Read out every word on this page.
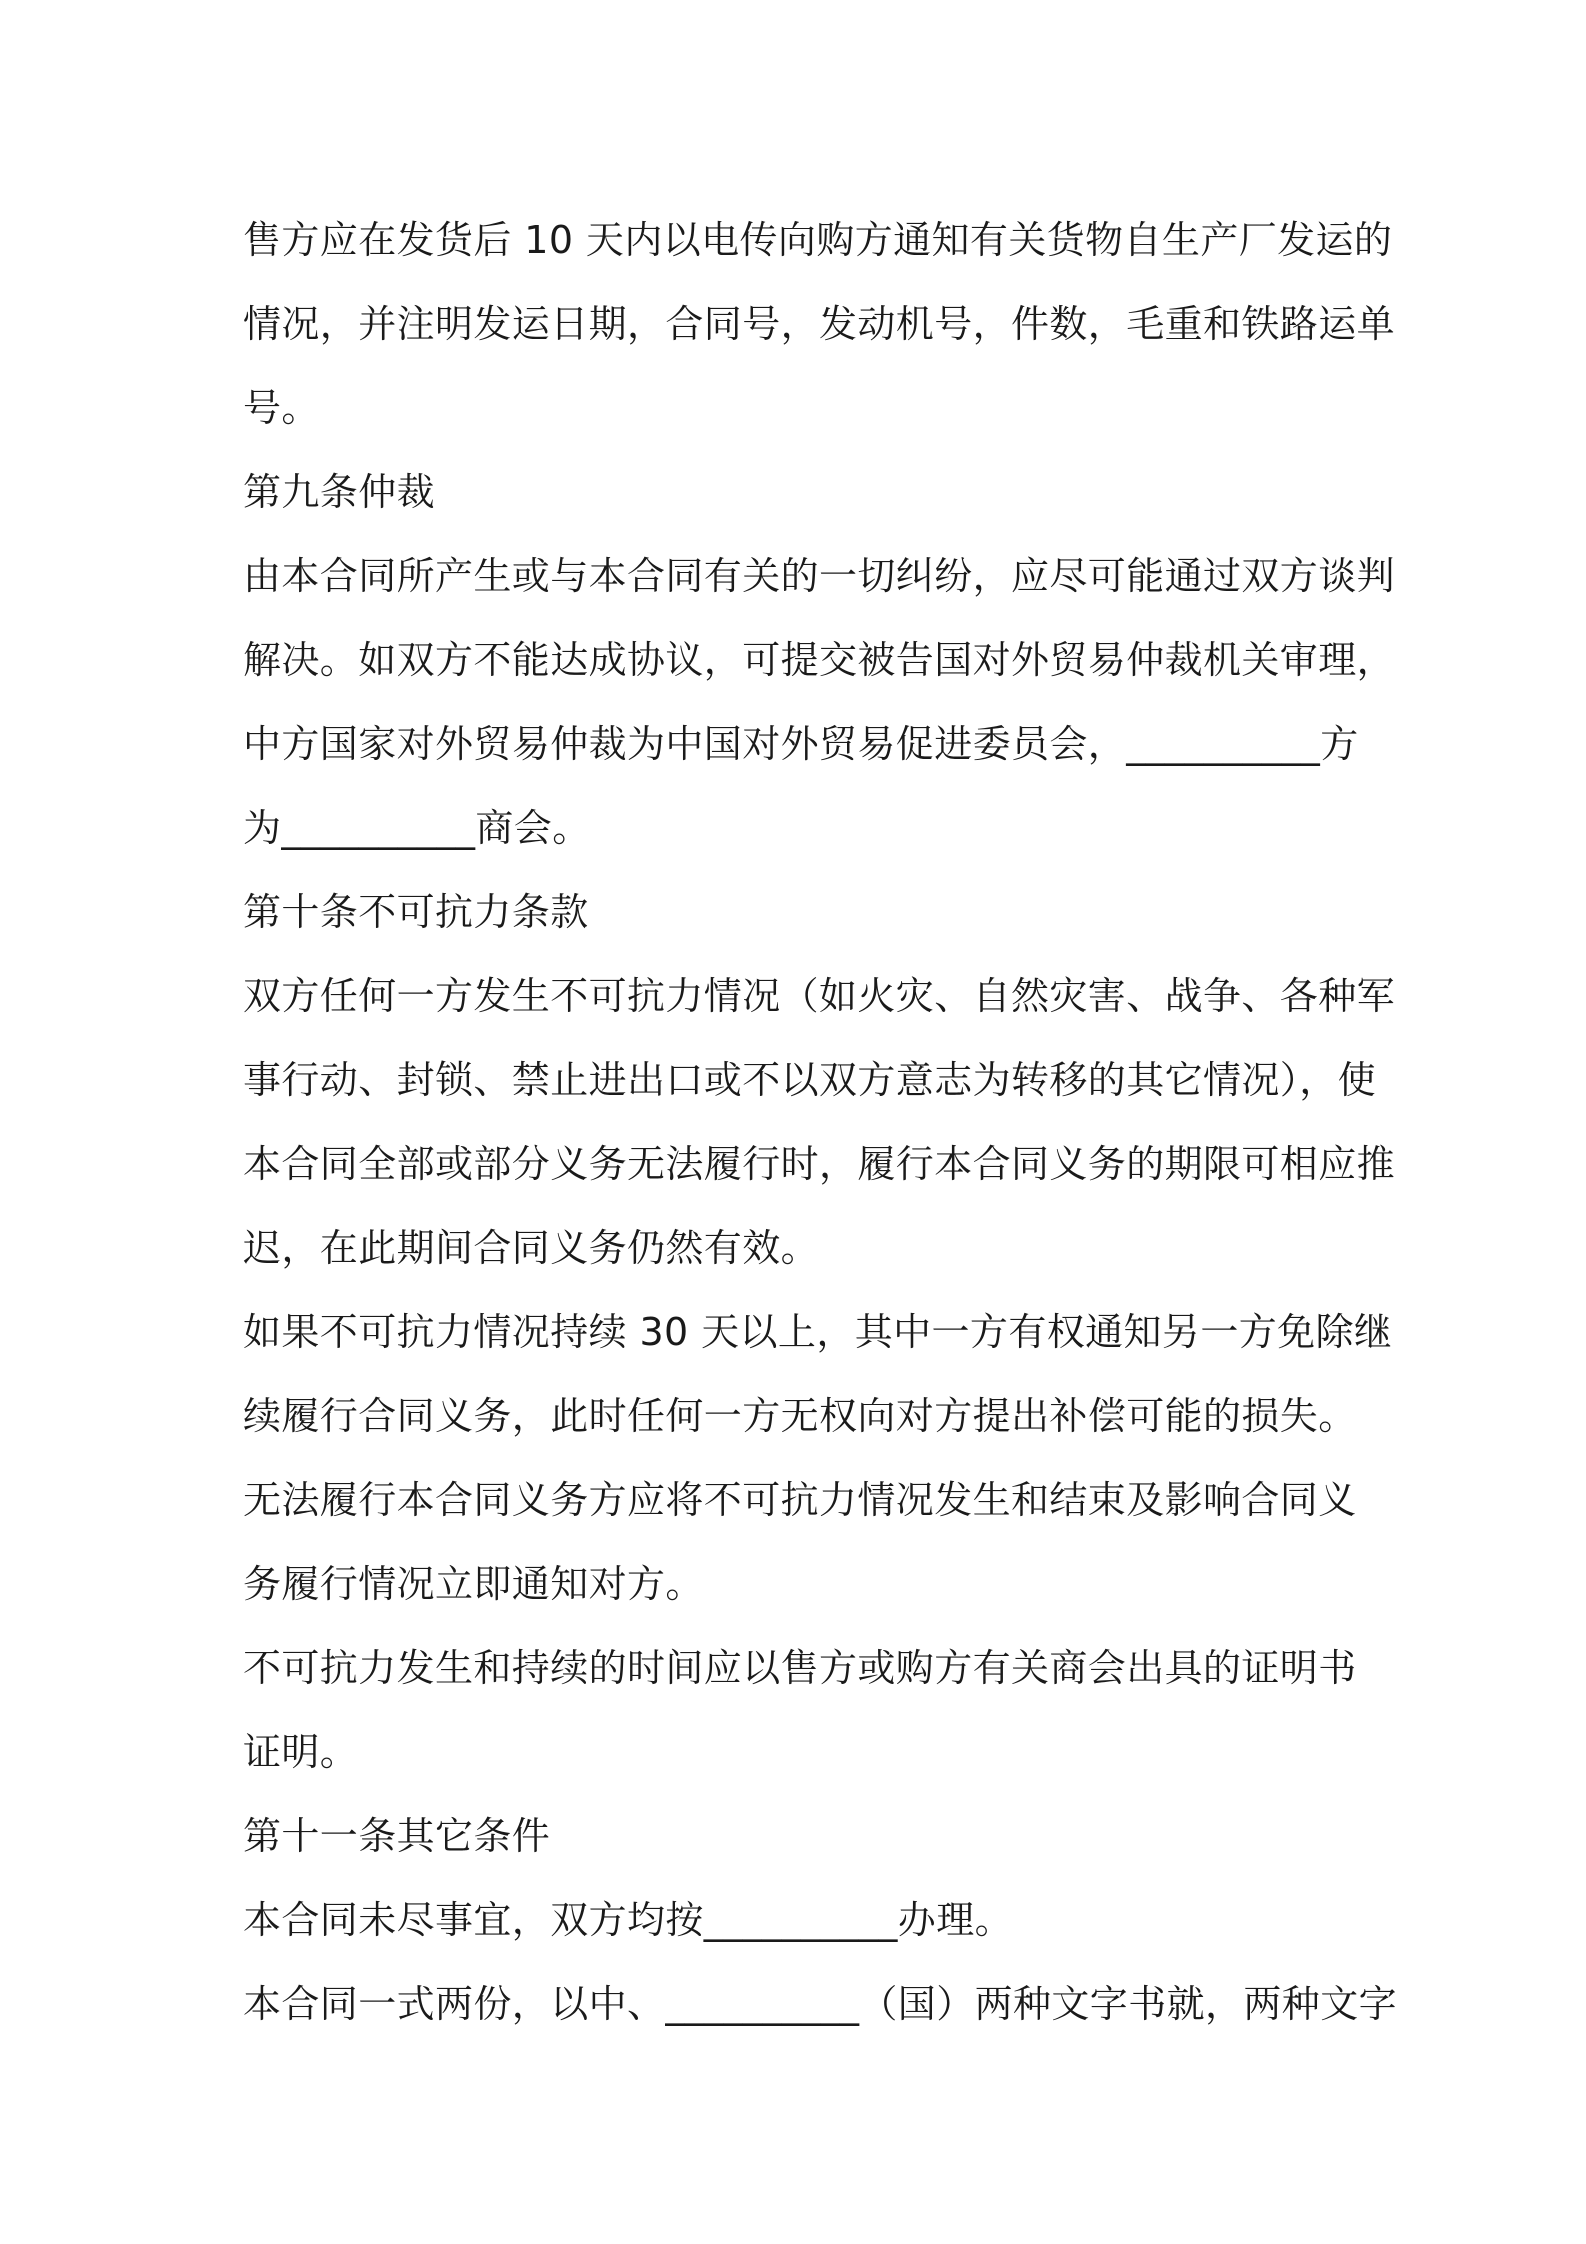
售方应在发货后 10 天内以电传向购方通知有关货物自生产厂发运的
情况，并注明发运日期，合同号，发动机号，件数，毛重和铁路运单
号。
第九条仲裁
由本合同所产生或与本合同有关的一切纠纷，应尽可能通过双方谈判
解决。如双方不能达成协议，可提交被告国对外贸易仲裁机关审理，
中方国家对外贸易仲裁为中国对外贸易促进委员会，__________方
为__________商会。
第十条不可抗力条款
双方任何一方发生不可抗力情况（如火灾、自然灾害、战争、各种军
事行动、封锁、禁止进出口或不以双方意志为转移的其它情况），使
本合同全部或部分义务无法履行时，履行本合同义务的期限可相应推
迟，在此期间合同义务仍然有效。
如果不可抗力情况持续 30 天以上，其中一方有权通知另一方免除继
续履行合同义务，此时任何一方无权向对方提出补偿可能的损失。
无法履行本合同义务方应将不可抗力情况发生和结束及影响合同义
务履行情况立即通知对方。
不可抗力发生和持续的时间应以售方或购方有关商会出具的证明书
证明。
第十一条其它条件
本合同未尽事宜，双方均按__________办理。
本合同一式两份，以中、__________（国）两种文字书就，两种文字
